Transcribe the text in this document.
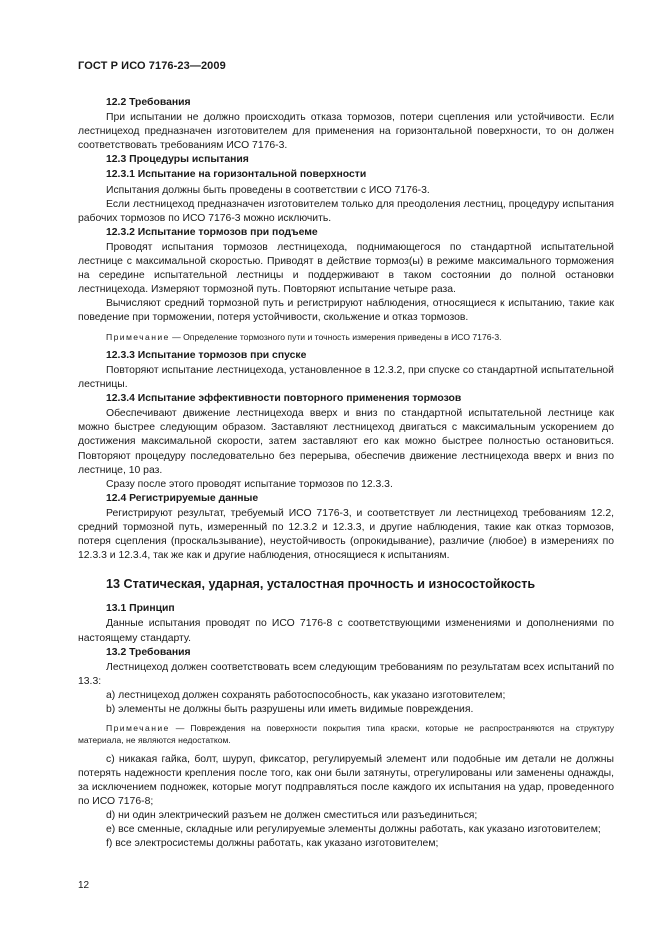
ГОСТ Р ИСО 7176-23—2009
12.2 Требования

При испытании не должно происходить отказа тормозов, потери сцепления или устойчивости. Если лестницеход предназначен изготовителем для применения на горизонтальной поверхности, то он должен соответствовать требованиям ИСО 7176-3.

12.3 Процедуры испытания
12.3.1 Испытание на горизонтальной поверхности

Испытания должны быть проведены в соответствии с ИСО 7176-3.

Если лестницеход предназначен изготовителем только для преодоления лестниц, процедуру испытания рабочих тормозов по ИСО 7176-3 можно исключить.

12.3.2 Испытание тормозов при подъеме

Проводят испытания тормозов лестницехода, поднимающегося по стандартной испытательной лестнице с максимальной скоростью. Приводят в действие тормоз(ы) в режиме максимального торможения на середине испытательной лестницы и поддерживают в таком состоянии до полной остановки лестницехода. Измеряют тормозной путь. Повторяют испытание четыре раза.

Вычисляют средний тормозной путь и регистрируют наблюдения, относящиеся к испытанию, такие как поведение при торможении, потеря устойчивости, скольжение и отказ тормозов.

Примечание — Определение тормозного пути и точность измерения приведены в ИСО 7176-3.
12.3.3 Испытание тормозов при спуске

Повторяют испытание лестницехода, установленное в 12.3.2, при спуске со стандартной испытательной лестницы.

12.3.4 Испытание эффективности повторного применения тормозов

Обеспечивают движение лестницехода вверх и вниз по стандартной испытательной лестнице как можно быстрее следующим образом. Заставляют лестницеход двигаться с максимальным ускорением до достижения максимальной скорости, затем заставляют его как можно быстрее полностью остановиться. Повторяют процедуру последовательно без перерыва, обеспечив движение лестницехода вверх и вниз по лестнице, 10 раз.

Сразу после этого проводят испытание тормозов по 12.3.3.

12.4 Регистрируемые данные

Регистрируют результат, требуемый ИСО 7176-3, и соответствует ли лестницеход требованиям 12.2, средний тормозной путь, измеренный по 12.3.2 и 12.3.3, и другие наблюдения, такие как отказ тормозов, потеря сцепления (проскальзывание), неустойчивость (опрокидывание), различие (любое) в измерениях по 12.3.3 и 12.3.4, так же как и другие наблюдения, относящиеся к испытаниям.

13 Статическая, ударная, усталостная прочность и износостойкость
13.1 Принцип

Данные испытания проводят по ИСО 7176-8 с соответствующими изменениями и дополнениями по настоящему стандарту.

13.2 Требования

Лестницеход должен соответствовать всем следующим требованиям по результатам всех испытаний по 13.3:

a) лестницеход должен сохранять работоспособность, как указано изготовителем;

b) элементы не должны быть разрушены или иметь видимые повреждения.

Примечание — Повреждения на поверхности покрытия типа краски, которые не распространяются на структуру материала, не являются недостатком.

c) никакая гайка, болт, шуруп, фиксатор, регулируемый элемент или подобные им детали не должны потерять надежности крепления после того, как они были затянуты, отрегулированы или заменены однажды, за исключением подножек, которые могут подправляться после каждого их испытания на удар, проведенного по ИСО 7176-8;

d) ни один электрический разъем не должен сместиться или разъединиться;

e) все сменные, складные или регулируемые элементы должны работать, как указано изготовителем;

f) все электросистемы должны работать, как указано изготовителем;

12
